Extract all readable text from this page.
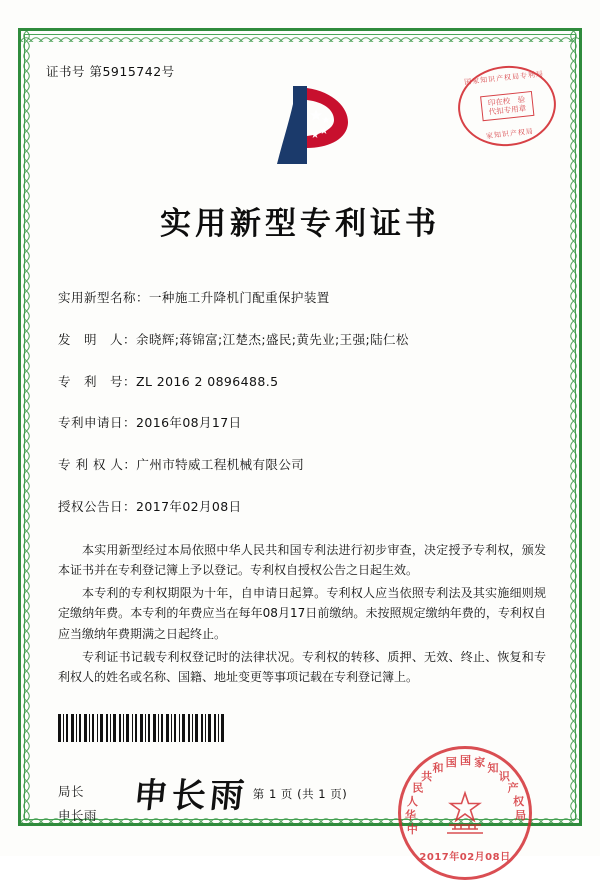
证书号 第5915742号	国家知识产权局专利局
印在校　验
代扣专用章
家知识产权局
实用新型专利证书
实用新型名称：一种施工升降机门配重保护装置
发　明　人：余晓辉;蒋锦富;江楚杰;盛民;黄先业;王强;陆仁松
专　利　号：ZL 2016 2 0896488.5
专利申请日：2016年08月17日
专 利 权 人：广州市特威工程机械有限公司
授权公告日：2017年02月08日

本实用新型经过本局依照中华人民共和国专利法进行初步审查，决定授予专利权，颁发本证书并在专利登记簿上予以登记。专利权自授权公告之日起生效。

本专利的专利权期限为十年，自申请日起算。专利权人应当依照专利法及其实施细则规定缴纳年费。本专利的年费应当在每年08月17日前缴纳。未按照规定缴纳年费的，专利权自应当缴纳年费期满之日起终止。

专利证书记载专利权登记时的法律状况。专利权的转移、质押、无效、终止、恢复和专利权人的姓名或名称、国籍、地址变更等事项记载在专利登记簿上。

局长
申长雨 申长雨
中
华
人
民
共
和 国 国 家 知
识
产
权
局
2017年02月08日
第 1 页 (共 1 页)
